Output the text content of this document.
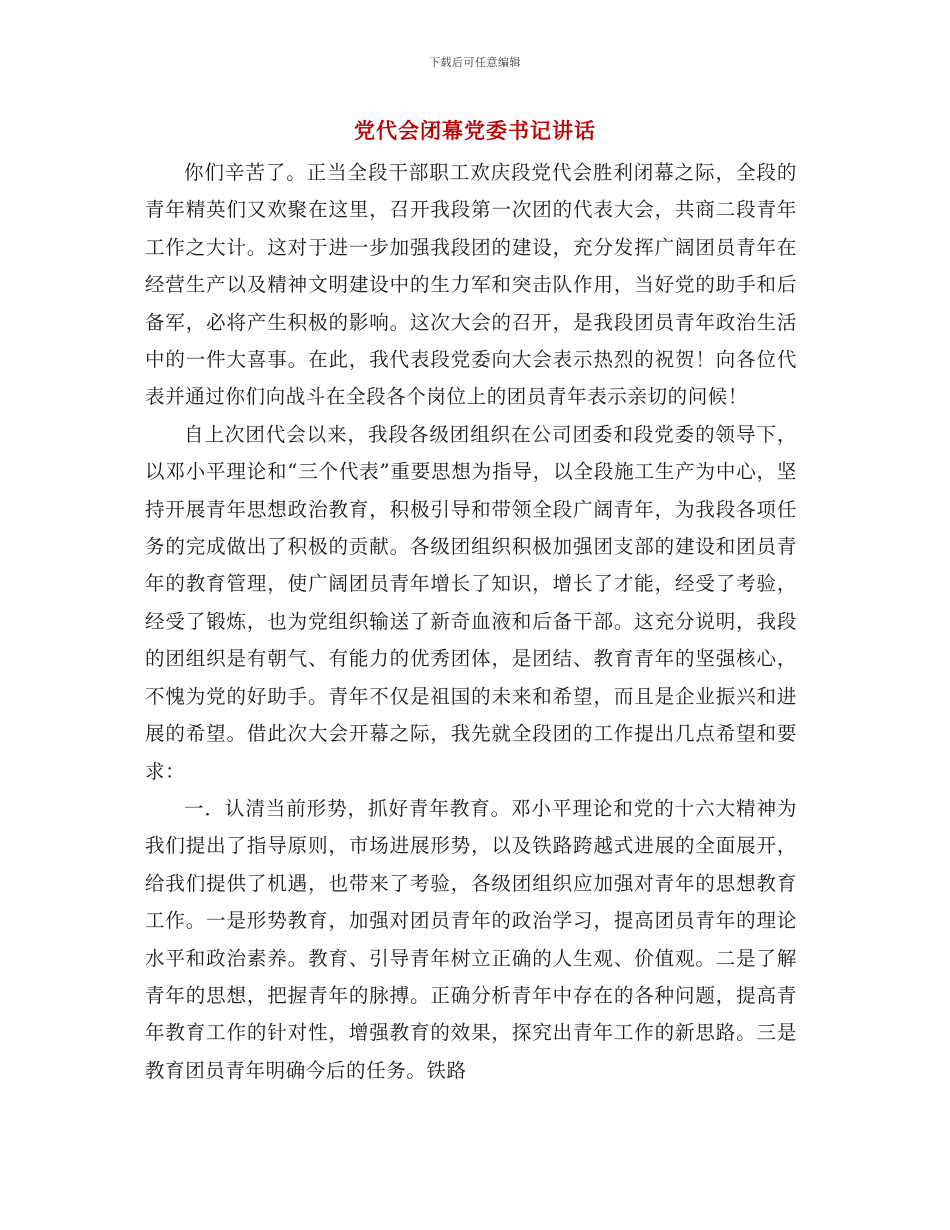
下载后可任意编辑
党代会闭幕党委书记讲话

你们辛苦了。正当全段干部职工欢庆段党代会胜利闭幕之际，全段的青年精英们又欢聚在这里，召开我段第一次团的代表大会，共商二段青年工作之大计。这对于进一步加强我段团的建设，充分发挥广阔团员青年在经营生产以及精神文明建设中的生力军和突击队作用，当好党的助手和后备军，必将产生积极的影响。这次大会的召开，是我段团员青年政治生活中的一件大喜事。在此，我代表段党委向大会表示热烈的祝贺！向各位代表并通过你们向战斗在全段各个岗位上的团员青年表示亲切的问候！

自上次团代会以来，我段各级团组织在公司团委和段党委的领导下，以邓小平理论和“三个代表”重要思想为指导，以全段施工生产为中心，坚持开展青年思想政治教育，积极引导和带领全段广阔青年，为我段各项任务的完成做出了积极的贡献。各级团组织积极加强团支部的建设和团员青年的教育管理，使广阔团员青年增长了知识，增长了才能，经受了考验，经受了锻炼，也为党组织输送了新奇血液和后备干部。这充分说明，我段的团组织是有朝气、有能力的优秀团体，是团结、教育青年的坚强核心，不愧为党的好助手。青年不仅是祖国的未来和希望，而且是企业振兴和进展的希望。借此次大会开幕之际，我先就全段团的工作提出几点希望和要求：

一．认清当前形势，抓好青年教育。邓小平理论和党的十六大精神为我们提出了指导原则，市场进展形势，以及铁路跨越式进展的全面展开，给我们提供了机遇，也带来了考验，各级团组织应加强对青年的思想教育工作。一是形势教育，加强对团员青年的政治学习，提高团员青年的理论水平和政治素养。教育、引导青年树立正确的人生观、价值观。二是了解青年的思想，把握青年的脉搏。正确分析青年中存在的各种问题，提高青年教育工作的针对性，增强教育的效果，探究出青年工作的新思路。三是教育团员青年明确今后的任务。铁路
